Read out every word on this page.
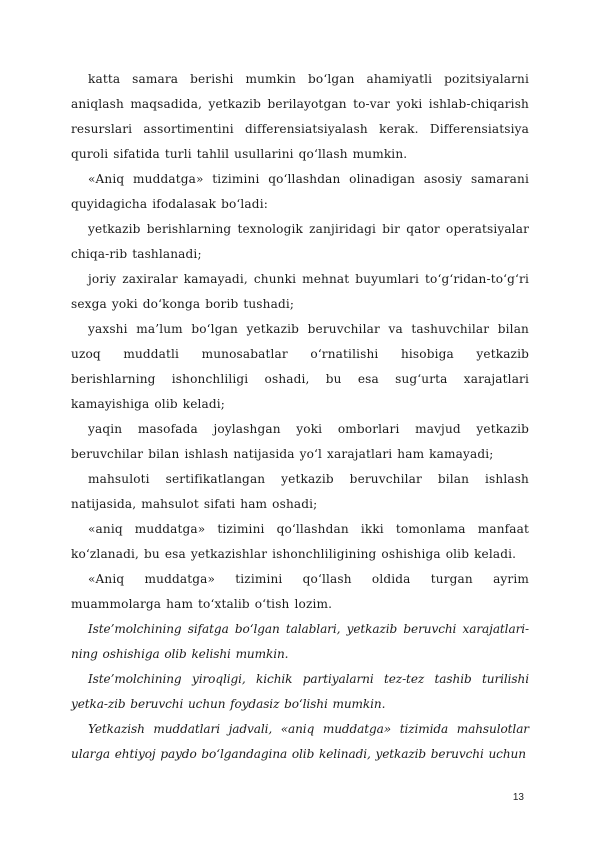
katta samara berishi mumkin bo‘lgan ahamiyatli pozitsiyalarni aniqlash maqsadida, yetkazib berilayotgan to-var yoki ishlab-chiqarish resurslari assortimentini differensiatsiyalash kerak. Differensiatsiya quroli sifatida turli tahlil usullarini qo‘llash mumkin.

«Aniq muddatga» tizimini qo‘llashdan olinadigan asosiy samarani quyidagicha ifodalasak bo‘ladi:

yetkazib berishlarning texnologik zanjiridagi bir qator operatsiyalar chiqa-rib tashlanadi;

joriy zaxiralar kamayadi, chunki mehnat buyumlari to‘g‘ridan-to‘g‘ri sexga yoki do‘konga borib tushadi;

yaxshi ma’lum bo‘lgan yetkazib beruvchilar va tashuvchilar bilan uzoq muddatli munosabatlar o‘rnatilishi hisobiga yetkazib berishlarning ishonchliligi oshadi, bu esa sug‘urta xarajatlari kamayishiga olib keladi;

yaqin masofada joylashgan yoki omborlari mavjud yetkazib beruvchilar bilan ishlash natijasida yo‘l xarajatlari ham kamayadi;

mahsuloti sertifikatlangan yetkazib beruvchilar bilan ishlash natijasida, mahsulot sifati ham oshadi;

«aniq muddatga» tizimini qo‘llashdan ikki tomonlama manfaat ko‘zlanadi, bu esa yetkazishlar ishonchliligining oshishiga olib keladi.

«Aniq muddatga» tizimini qo‘llash oldida turgan ayrim muammolarga ham to‘xtalib o‘tish lozim.

Iste’molchining sifatga bo‘lgan talablari, yetkazib beruvchi xarajatlari-ning oshishiga olib kelishi mumkin.

Iste’molchining yiroqligi, kichik partiyalarni tez-tez tashib turilishi yetka-zib beruvchi uchun foydasiz bo‘lishi mumkin.

Yetkazish muddatlari jadvali, «aniq muddatga» tizimida mahsulotlar ularga ehtiyoj paydo bo‘lgandagina olib kelinadi, yetkazib beruvchi uchun

13
